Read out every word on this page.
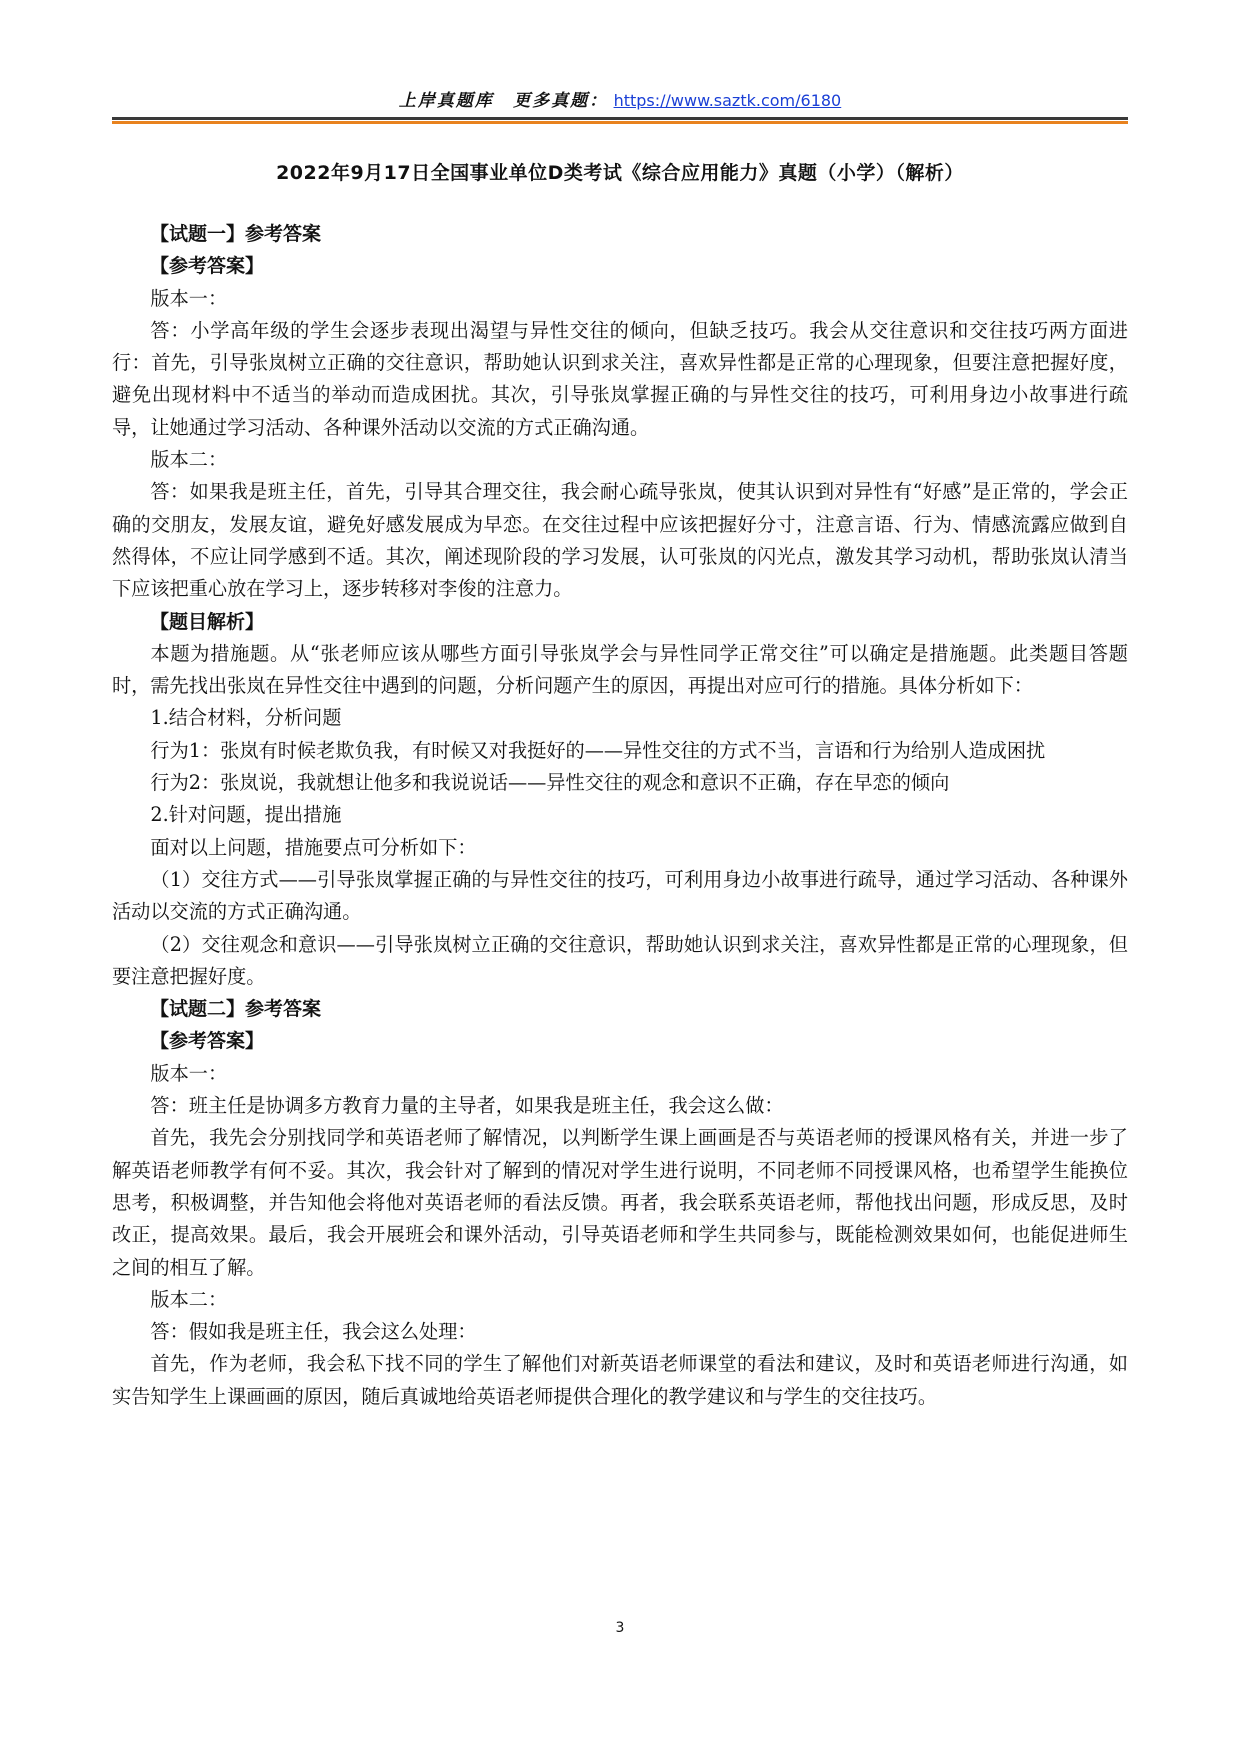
上岸真题库 更多真题： https://www.saztk.com/6180
2022年9月17日全国事业单位D类考试《综合应用能力》真题（小学）（解析）

【试题一】参考答案

【参考答案】

版本一：

答：小学高年级的学生会逐步表现出渴望与异性交往的倾向，但缺乏技巧。我会从交往意识和交往技巧两方面进行：首先，引导张岚树立正确的交往意识，帮助她认识到求关注，喜欢异性都是正常的心理现象，但要注意把握好度，避免出现材料中不适当的举动而造成困扰。其次，引导张岚掌握正确的与异性交往的技巧，可利用身边小故事进行疏导，让她通过学习活动、各种课外活动以交流的方式正确沟通。

版本二：

答：如果我是班主任，首先，引导其合理交往，我会耐心疏导张岚，使其认识到对异性有“好感”是正常的，学会正确的交朋友，发展友谊，避免好感发展成为早恋。在交往过程中应该把握好分寸，注意言语、行为、情感流露应做到自然得体，不应让同学感到不适。其次，阐述现阶段的学习发展，认可张岚的闪光点，激发其学习动机，帮助张岚认清当下应该把重心放在学习上，逐步转移对李俊的注意力。

【题目解析】

本题为措施题。从“张老师应该从哪些方面引导张岚学会与异性同学正常交往”可以确定是措施题。此类题目答题时，需先找出张岚在异性交往中遇到的问题，分析问题产生的原因，再提出对应可行的措施。具体分析如下：

1.结合材料，分析问题

行为1：张岚有时候老欺负我，有时候又对我挺好的——异性交往的方式不当，言语和行为给别人造成困扰

行为2：张岚说，我就想让他多和我说说话——异性交往的观念和意识不正确，存在早恋的倾向

2.针对问题，提出措施

面对以上问题，措施要点可分析如下：

（1）交往方式——引导张岚掌握正确的与异性交往的技巧，可利用身边小故事进行疏导，通过学习活动、各种课外活动以交流的方式正确沟通。

（2）交往观念和意识——引导张岚树立正确的交往意识，帮助她认识到求关注，喜欢异性都是正常的心理现象，但要注意把握好度。

【试题二】参考答案

【参考答案】

版本一：

答：班主任是协调多方教育力量的主导者，如果我是班主任，我会这么做：

首先，我先会分别找同学和英语老师了解情况，以判断学生课上画画是否与英语老师的授课风格有关，并进一步了解英语老师教学有何不妥。其次，我会针对了解到的情况对学生进行说明，不同老师不同授课风格，也希望学生能换位思考，积极调整，并告知他会将他对英语老师的看法反馈。再者，我会联系英语老师，帮他找出问题，形成反思，及时改正，提高效果。最后，我会开展班会和课外活动，引导英语老师和学生共同参与，既能检测效果如何，也能促进师生之间的相互了解。

版本二：

答：假如我是班主任，我会这么处理：

首先，作为老师，我会私下找不同的学生了解他们对新英语老师课堂的看法和建议，及时和英语老师进行沟通，如实告知学生上课画画的原因，随后真诚地给英语老师提供合理化的教学建议和与学生的交往技巧。

3
